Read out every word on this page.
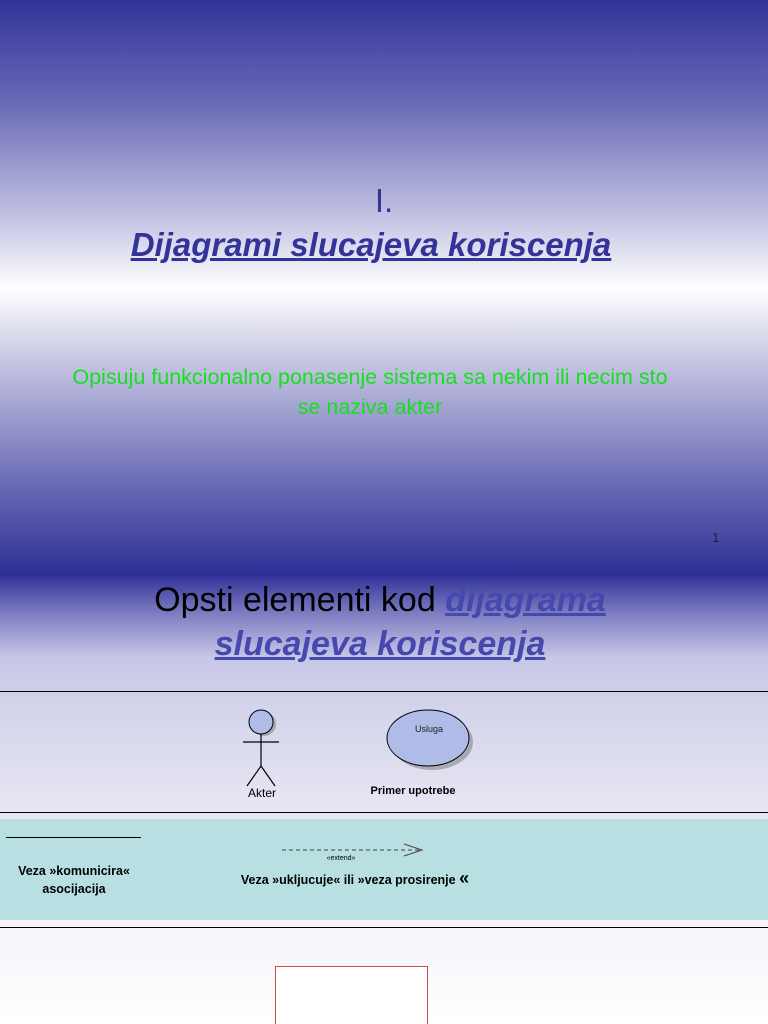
I.
Dijagrami slucajeva koriscenja
Opisuju funkcionalno ponasenje sistema sa nekim ili necim sto se naziva akter
1
Opsti elementi kod dijagrama
slucajeva koriscenja
Akter
Usluga
Primer upotrebe
Veza »komunicira«
asocijacija
«extend»
Veza »ukljucuje« ili »veza prosirenje «
